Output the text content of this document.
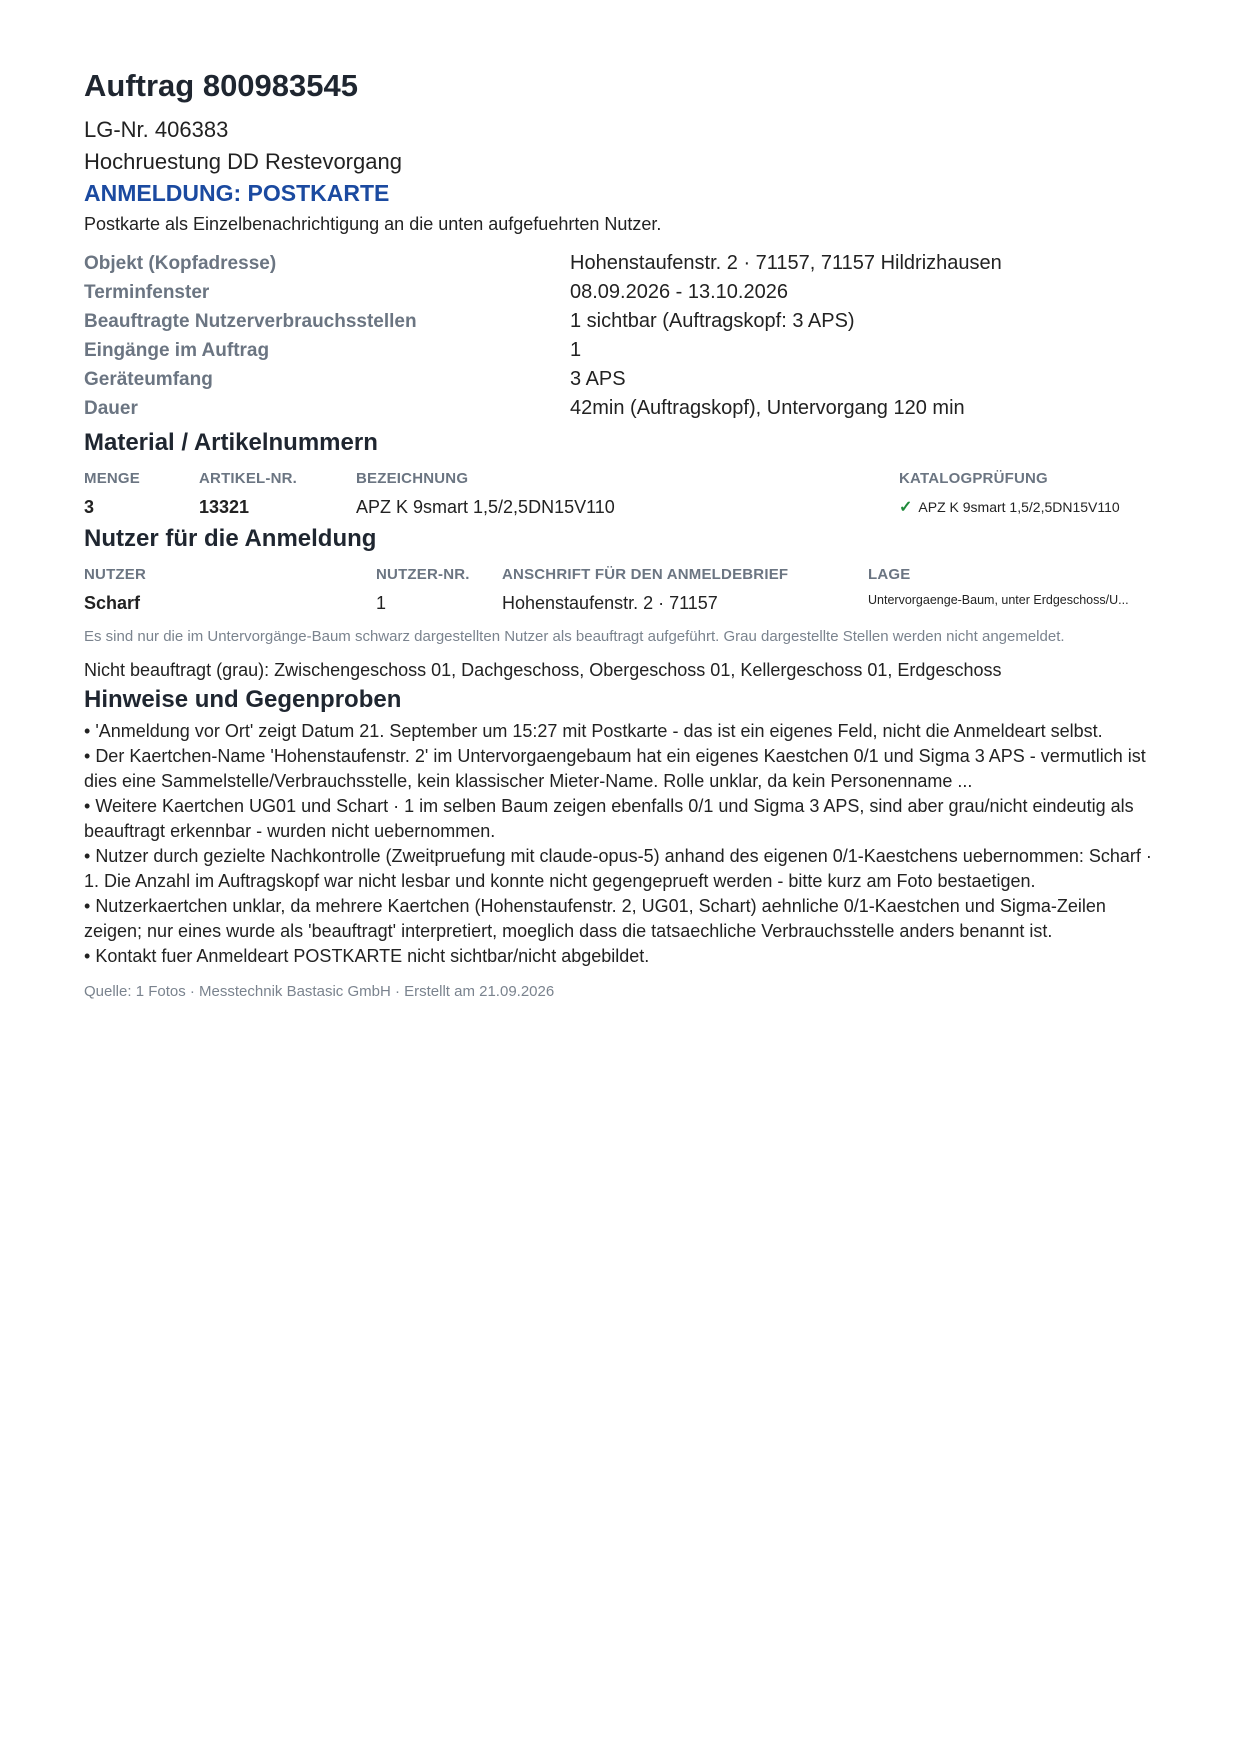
Auftrag 800983545
LG-Nr. 406383
Hochruestung DD Restevorgang
ANMELDUNG: POSTKARTE
Postkarte als Einzelbenachrichtigung an die unten aufgefuehrten Nutzer.
Objekt (Kopfadresse)	Hohenstaufenstr. 2 · 71157, 71157 Hildrizhausen
Terminfenster	08.09.2026 - 13.10.2026
Beauftragte Nutzerverbrauchsstellen	1 sichtbar (Auftragskopf: 3 APS)
Eingänge im Auftrag	1
Geräteumfang	3 APS
Dauer	42min (Auftragskopf), Untervorgang 120 min
Material / Artikelnummern
MENGE	ARTIKEL-NR.	BEZEICHNUNG	KATALOGPRÜFUNG
3	13321	APZ K 9smart 1,5/2,5DN15V110	✓ APZ K 9smart 1,5/2,5DN15V110
Nutzer für die Anmeldung
NUTZER	NUTZER-NR.	ANSCHRIFT FÜR DEN ANMELDEBRIEF	LAGE
Scharf	1	Hohenstaufenstr. 2 · 71157	Untervorgaenge-Baum, unter Erdgeschoss/U...
Es sind nur die im Untervorgänge-Baum schwarz dargestellten Nutzer als beauftragt aufgeführt. Grau dargestellte Stellen werden nicht angemeldet.
Nicht beauftragt (grau): Zwischengeschoss 01, Dachgeschoss, Obergeschoss 01, Kellergeschoss 01, Erdgeschoss
Hinweise und Gegenproben
• 'Anmeldung vor Ort' zeigt Datum 21. September um 15:27 mit Postkarte - das ist ein eigenes Feld, nicht die Anmeldeart selbst.
• Der Kaertchen-Name 'Hohenstaufenstr. 2' im Untervorgaengebaum hat ein eigenes Kaestchen 0/1 und Sigma 3 APS - vermutlich ist dies eine Sammelstelle/Verbrauchsstelle, kein klassischer Mieter-Name. Rolle unklar, da kein Personenname ...
• Weitere Kaertchen UG01 und Schart · 1 im selben Baum zeigen ebenfalls 0/1 und Sigma 3 APS, sind aber grau/nicht eindeutig als beauftragt erkennbar - wurden nicht uebernommen.
• Nutzer durch gezielte Nachkontrolle (Zweitpruefung mit claude-opus-5) anhand des eigenen 0/1-Kaestchens uebernommen: Scharf · 1. Die Anzahl im Auftragskopf war nicht lesbar und konnte nicht gegengeprueft werden - bitte kurz am Foto bestaetigen.
• Nutzerkaertchen unklar, da mehrere Kaertchen (Hohenstaufenstr. 2, UG01, Schart) aehnliche 0/1-Kaestchen und Sigma-Zeilen zeigen; nur eines wurde als 'beauftragt' interpretiert, moeglich dass die tatsaechliche Verbrauchsstelle anders benannt ist.
• Kontakt fuer Anmeldeart POSTKARTE nicht sichtbar/nicht abgebildet.
Quelle: 1 Fotos · Messtechnik Bastasic GmbH · Erstellt am 21.09.2026
